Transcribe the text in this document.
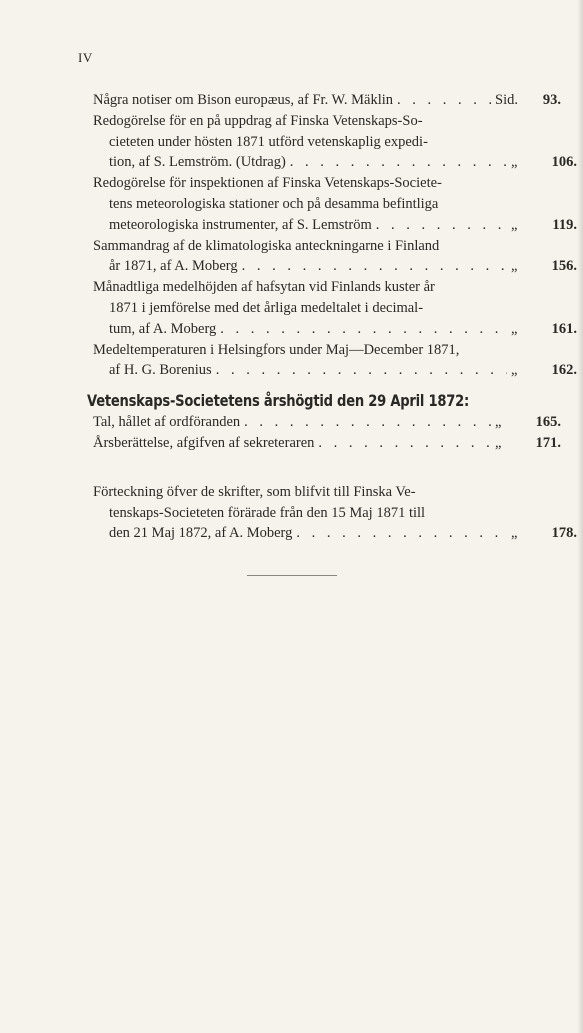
IV
Några notiser om Bison europæus, af Fr. W. Mäklin . . .	Sid.	93.
Redogörelse för en på uppdrag af Finska Vetenskaps-So-
cieteten under hösten 1871 utförd vetenskaplig expedi-
tion, af S. Lemström. (Utdrag) . . .	„	106.
Redogörelse för inspektionen af Finska Vetenskaps-Societe-
tens meteorologiska stationer och på desamma befintliga
meteorologiska instrumenter, af S. Lemström . . .	„	119.
Sammandrag af de klimatologiska anteckningarne i Finland
år 1871, af A. Moberg . . .	„	156.
Månadtliga medelhöjden af hafsytan vid Finlands kuster år
1871 i jemförelse med det årliga medeltalet i decimal-
tum, af A. Moberg . . .	„	161.
Medeltemperaturen i Helsingfors under Maj—December 1871,
af H. G. Borenius . . .	„	162.
Vetenskaps-Societetens årshögtid den 29 April 1872:
Tal, hållet af ordföranden . . .	„	165.
Årsberättelse, afgifven af sekreteraren . . .	„	171.
Förteckning öfver de skrifter, som blifvit till Finska Ve-
tenskaps-Societeten förärade från den 15 Maj 1871 till
den 21 Maj 1872, af A. Moberg . . .	„	178.
